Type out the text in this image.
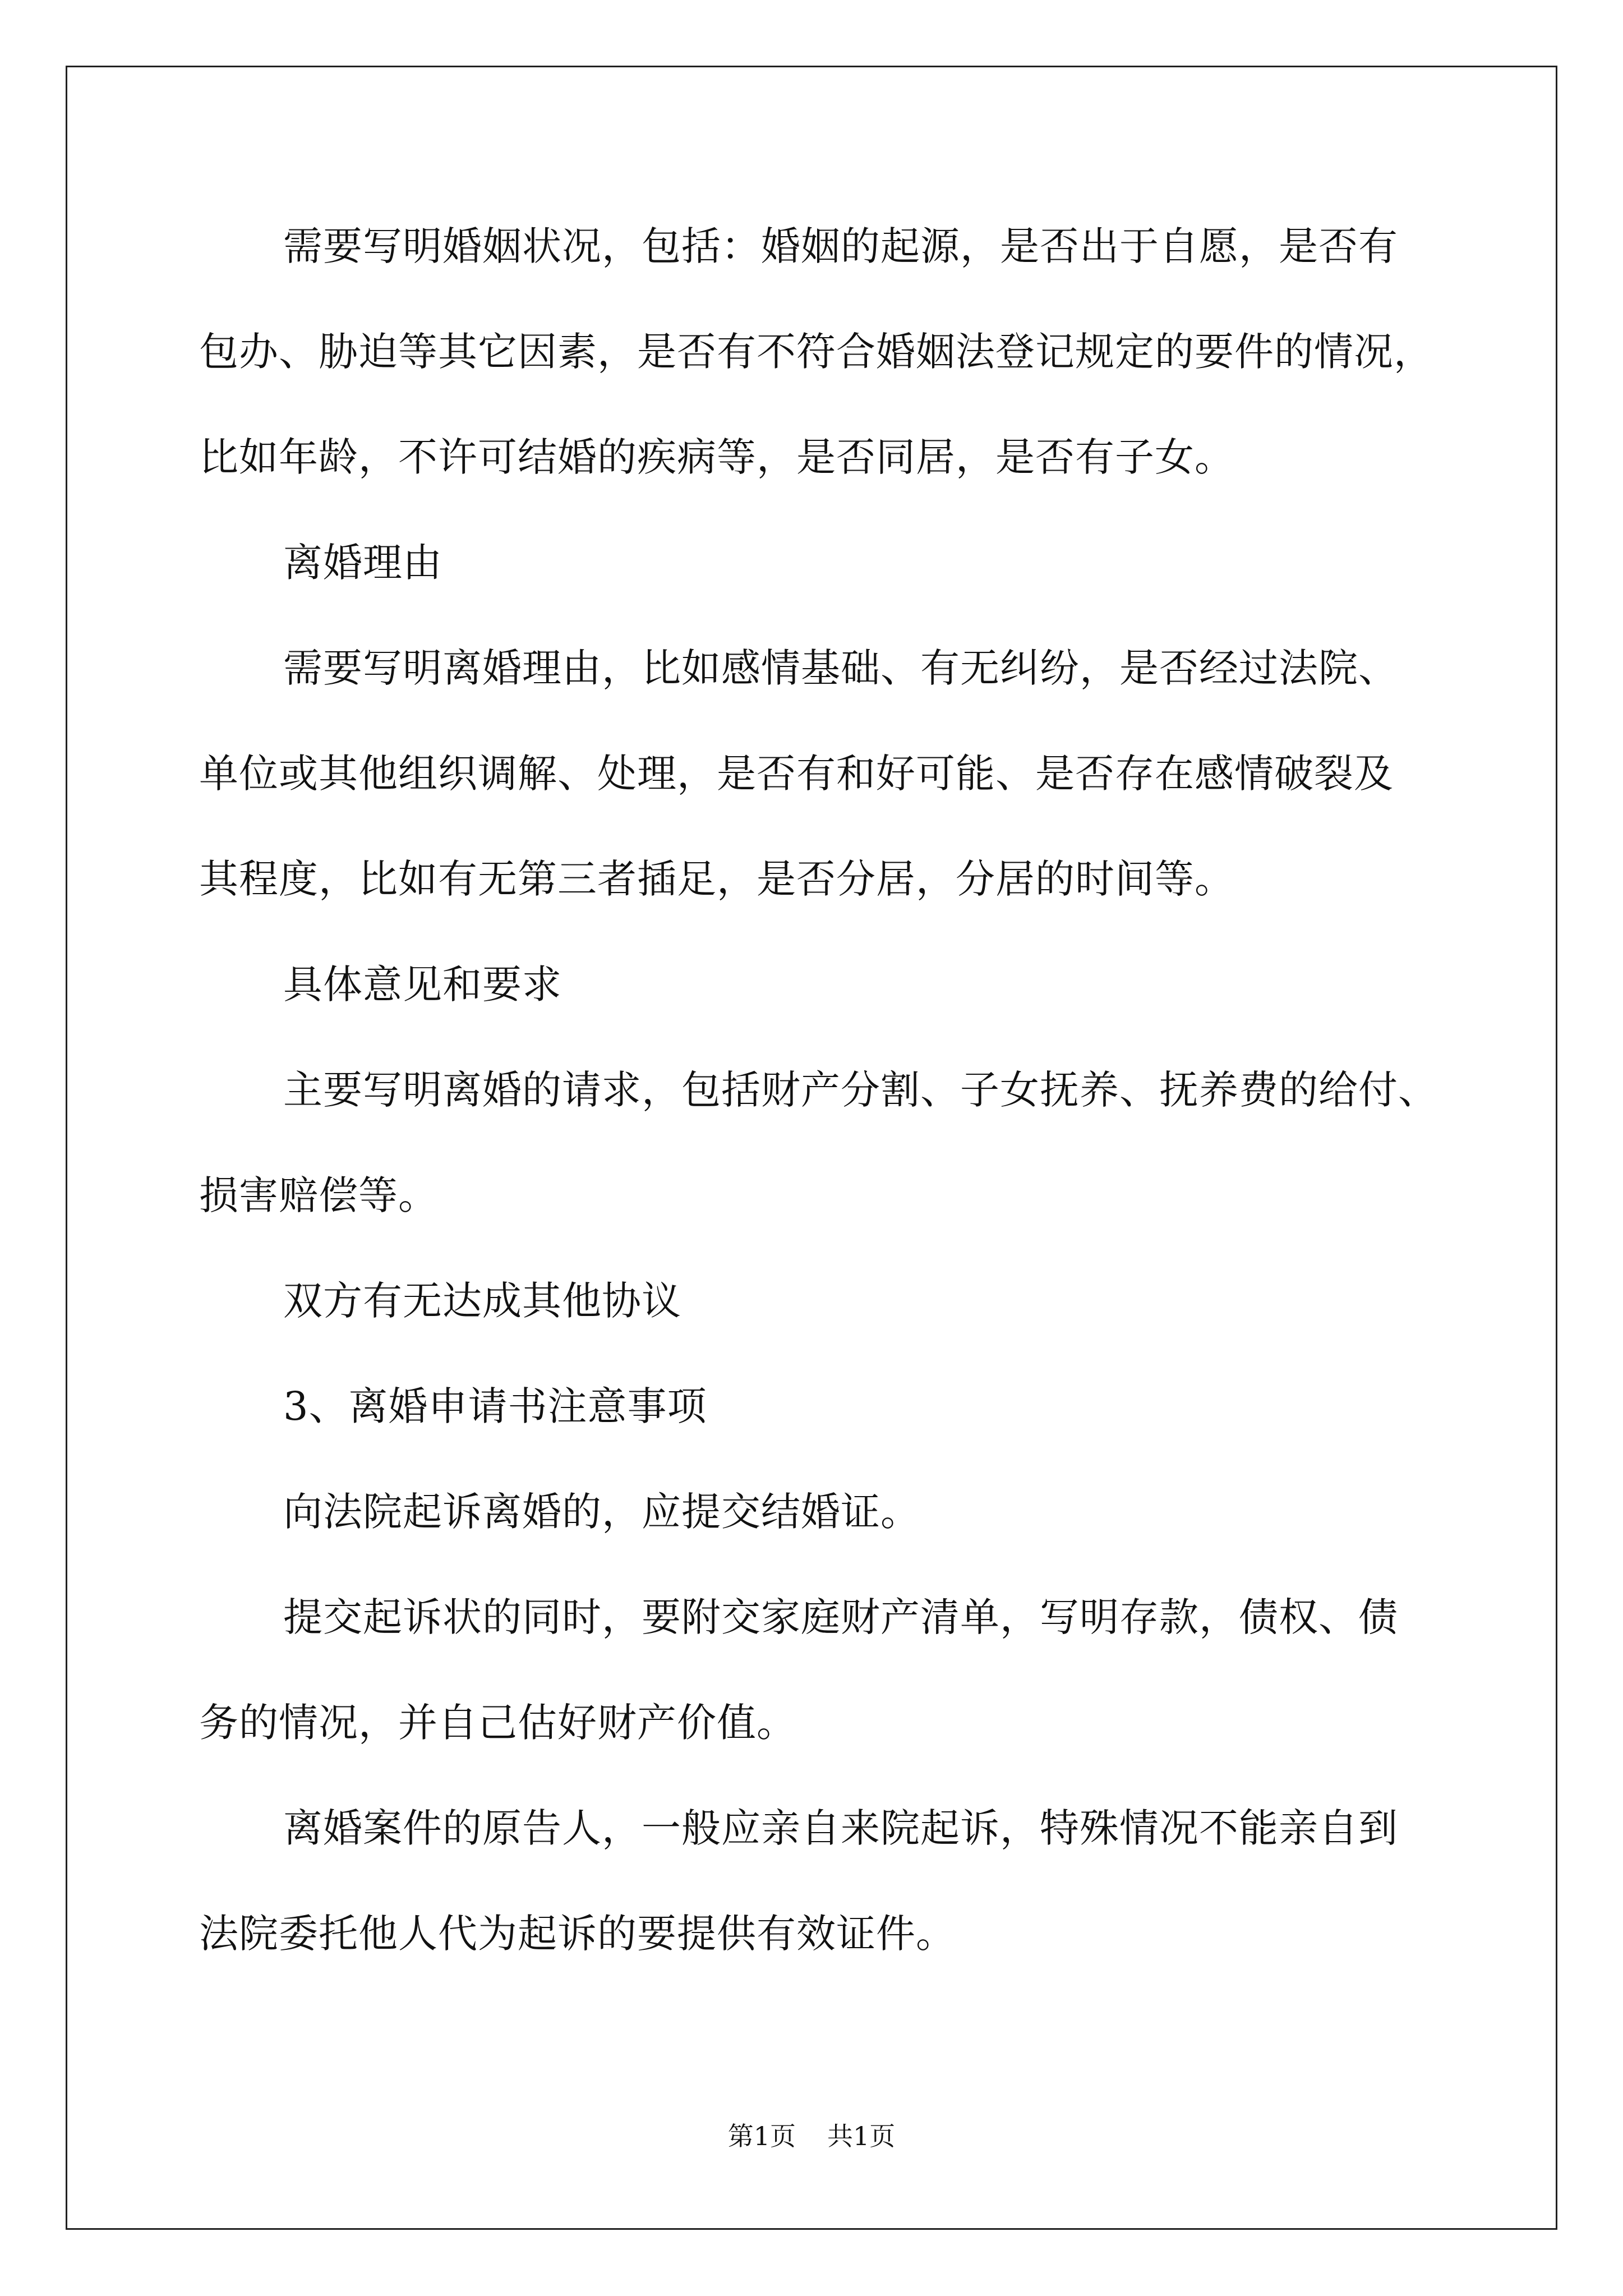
需要写明婚姻状况，包括：婚姻的起源，是否出于自愿，是否有
包办、胁迫等其它因素，是否有不符合婚姻法登记规定的要件的情况，
比如年龄，不许可结婚的疾病等，是否同居，是否有子女。
离婚理由
需要写明离婚理由，比如感情基础、有无纠纷，是否经过法院、
单位或其他组织调解、处理，是否有和好可能、是否存在感情破裂及
其程度，比如有无第三者插足，是否分居，分居的时间等。
具体意见和要求
主要写明离婚的请求，包括财产分割、子女抚养、抚养费的给付、
损害赔偿等。
双方有无达成其他协议
3、离婚申请书注意事项
向法院起诉离婚的，应提交结婚证。
提交起诉状的同时，要附交家庭财产清单，写明存款，债权、债
务的情况，并自己估好财产价值。
离婚案件的原告人，一般应亲自来院起诉，特殊情况不能亲自到
法院委托他人代为起诉的要提供有效证件。
第1页 共1页
